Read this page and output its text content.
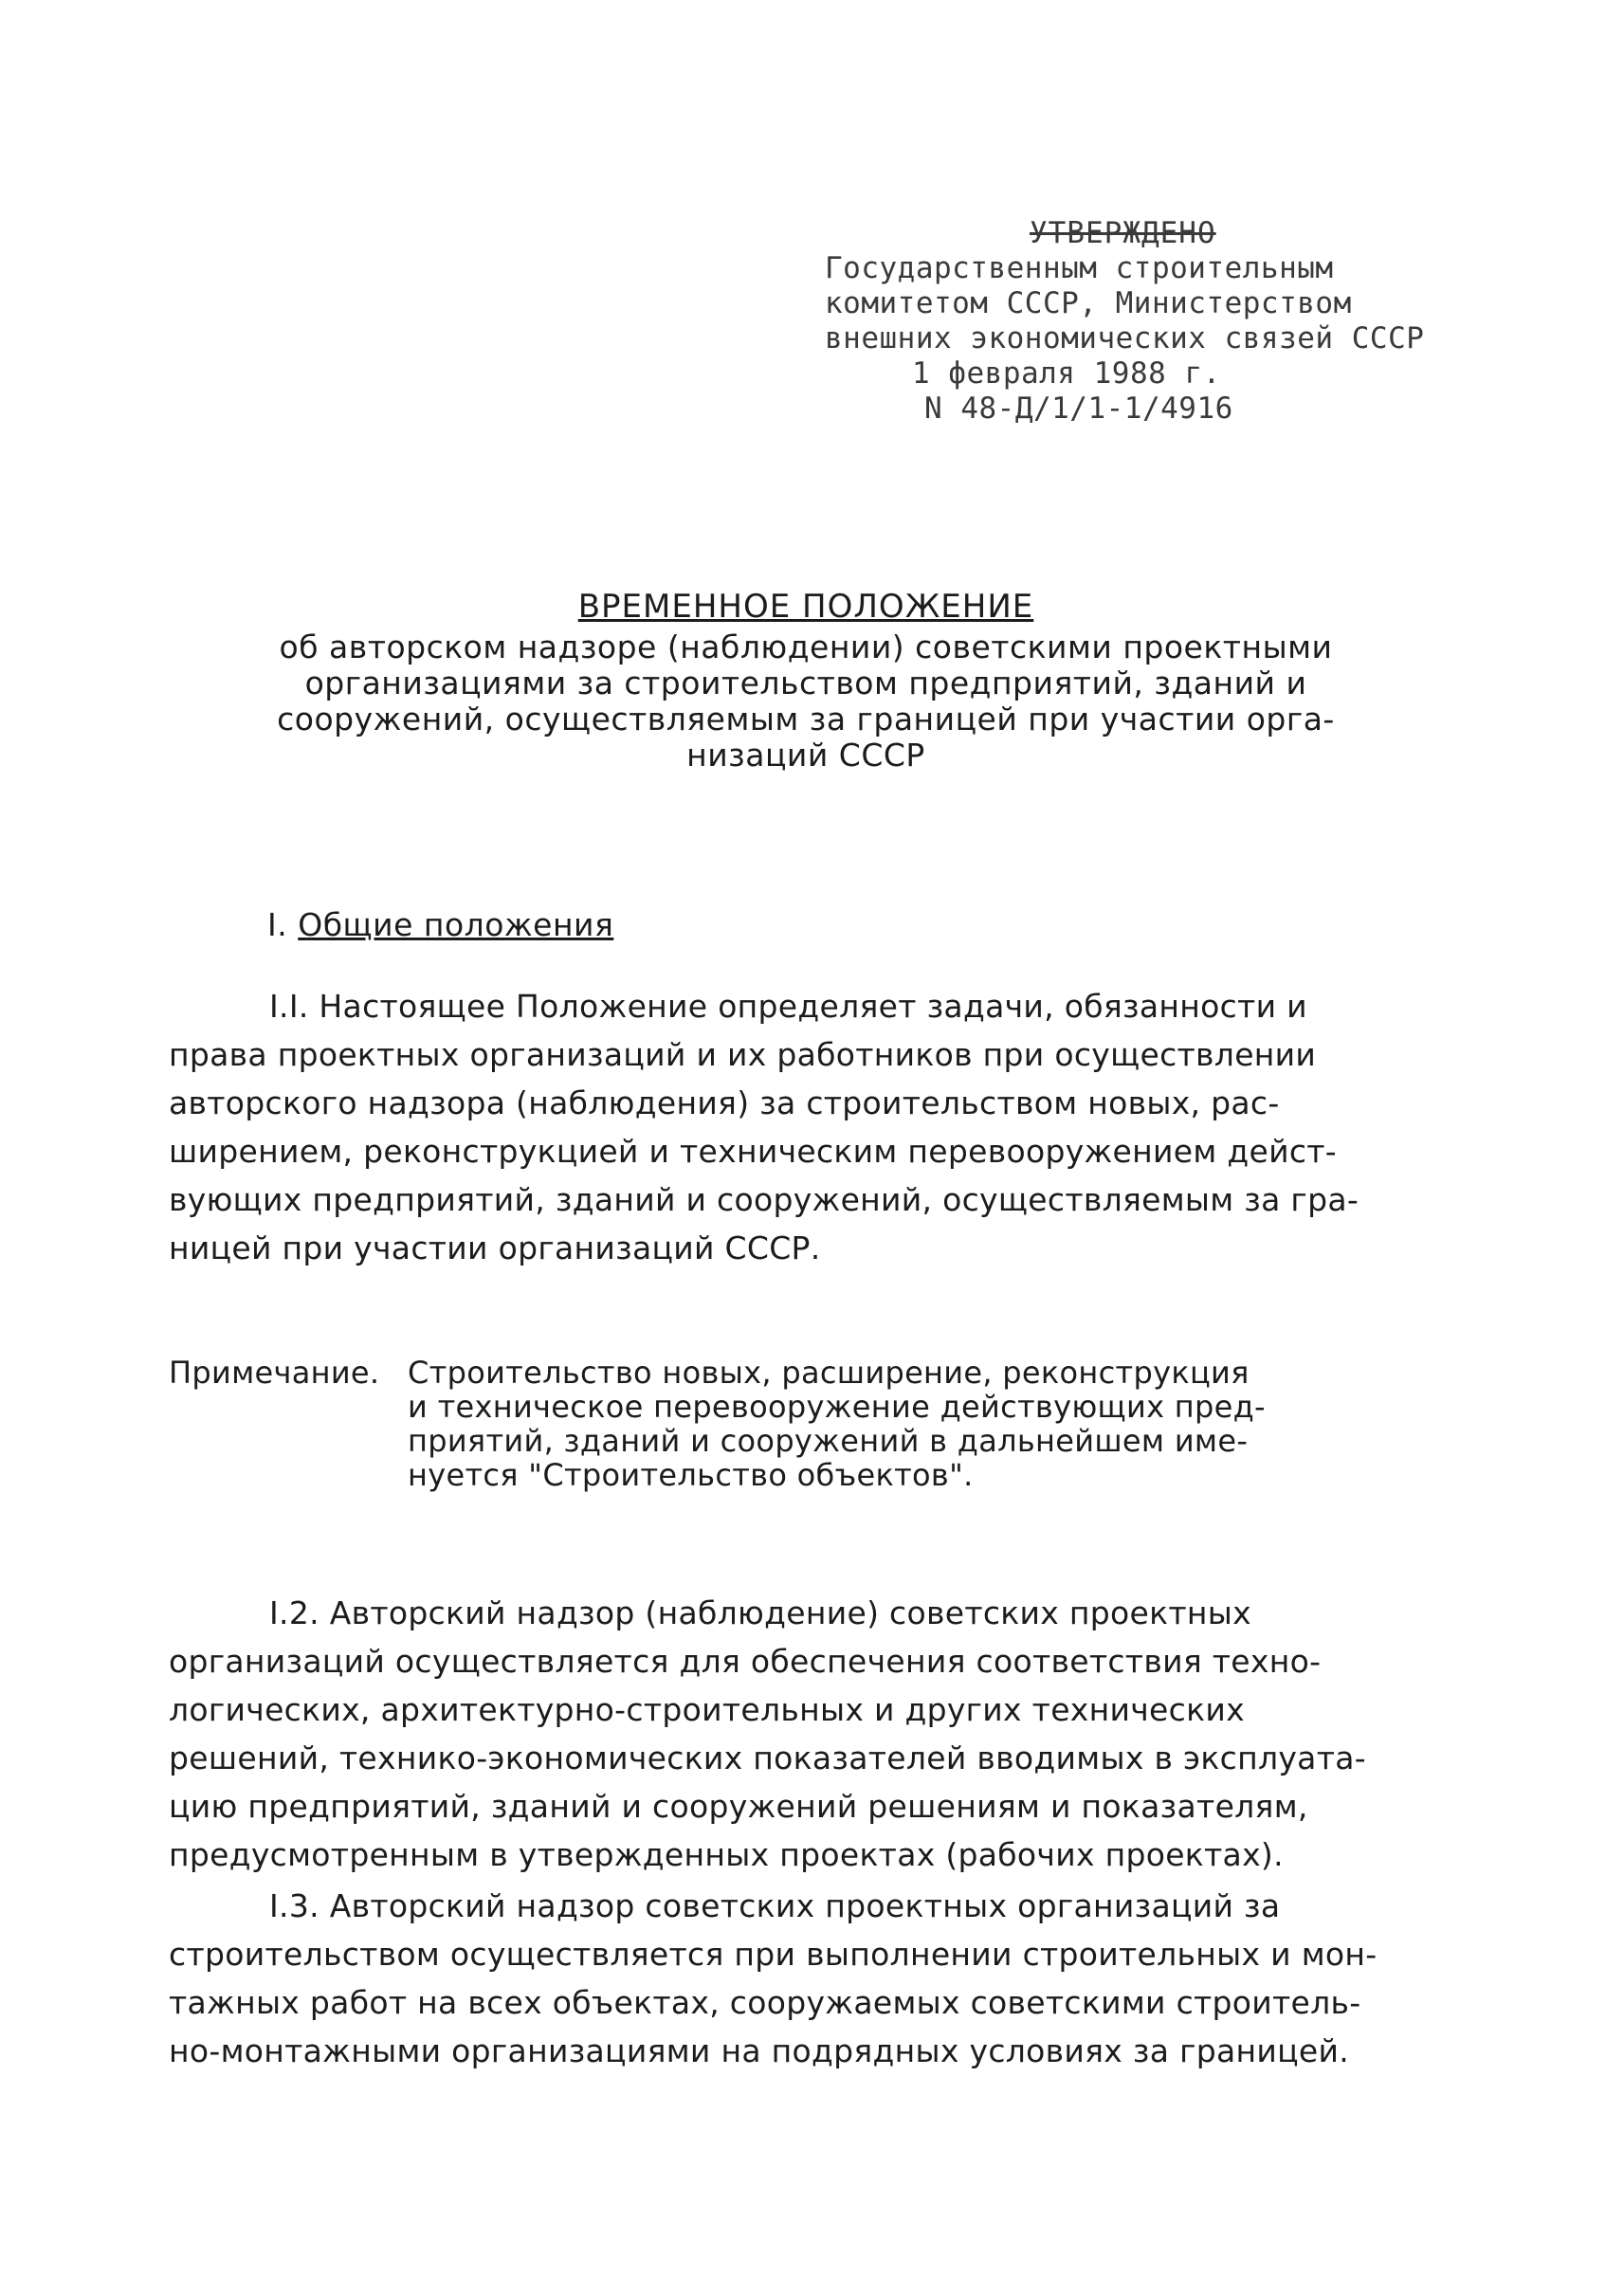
УТВЕРЖДЕНО
Государственным строительным
комитетом СССР, Министерством
внешних экономических связей СССР
1 февраля 1988 г.
N 48-Д/1/1-1/4916
ВРЕМЕННОЕ ПОЛОЖЕНИЕ

об авторском надзоре (наблюдении) советскими проектными

организациями за строительством предприятий, зданий и

сооружений, осуществляемым за границей при участии орга-

низаций СССР

I. Общие положения
I.I. Настоящее Положение определяет задачи, обязанности и
права проектных организаций и их работников при осуществлении
авторского надзора (наблюдения) за строительством новых, рас-
ширением, реконструкцией и техническим перевооружением дейст-
вующих предприятий, зданий и сооружений, осуществляемым за гра-
ницей при участии организаций СССР.
Примечание. Строительство новых, расширение, реконструкция
и техническое перевооружение действующих пред-
приятий, зданий и сооружений в дальнейшем име-
нуется "Строительство объектов".
I.2. Авторский надзор (наблюдение) советских проектных
организаций осуществляется для обеспечения соответствия техно-
логических, архитектурно-строительных и других технических
решений, технико-экономических показателей вводимых в эксплуата-
цию предприятий, зданий и сооружений решениям и показателям,
предусмотренным в утвержденных проектах (рабочих проектах).
I.3. Авторский надзор советских проектных организаций за
строительством осуществляется при выполнении строительных и мон-
тажных работ на всех объектах, сооружаемых советскими строитель-
но-монтажными организациями на подрядных условиях за границей.
